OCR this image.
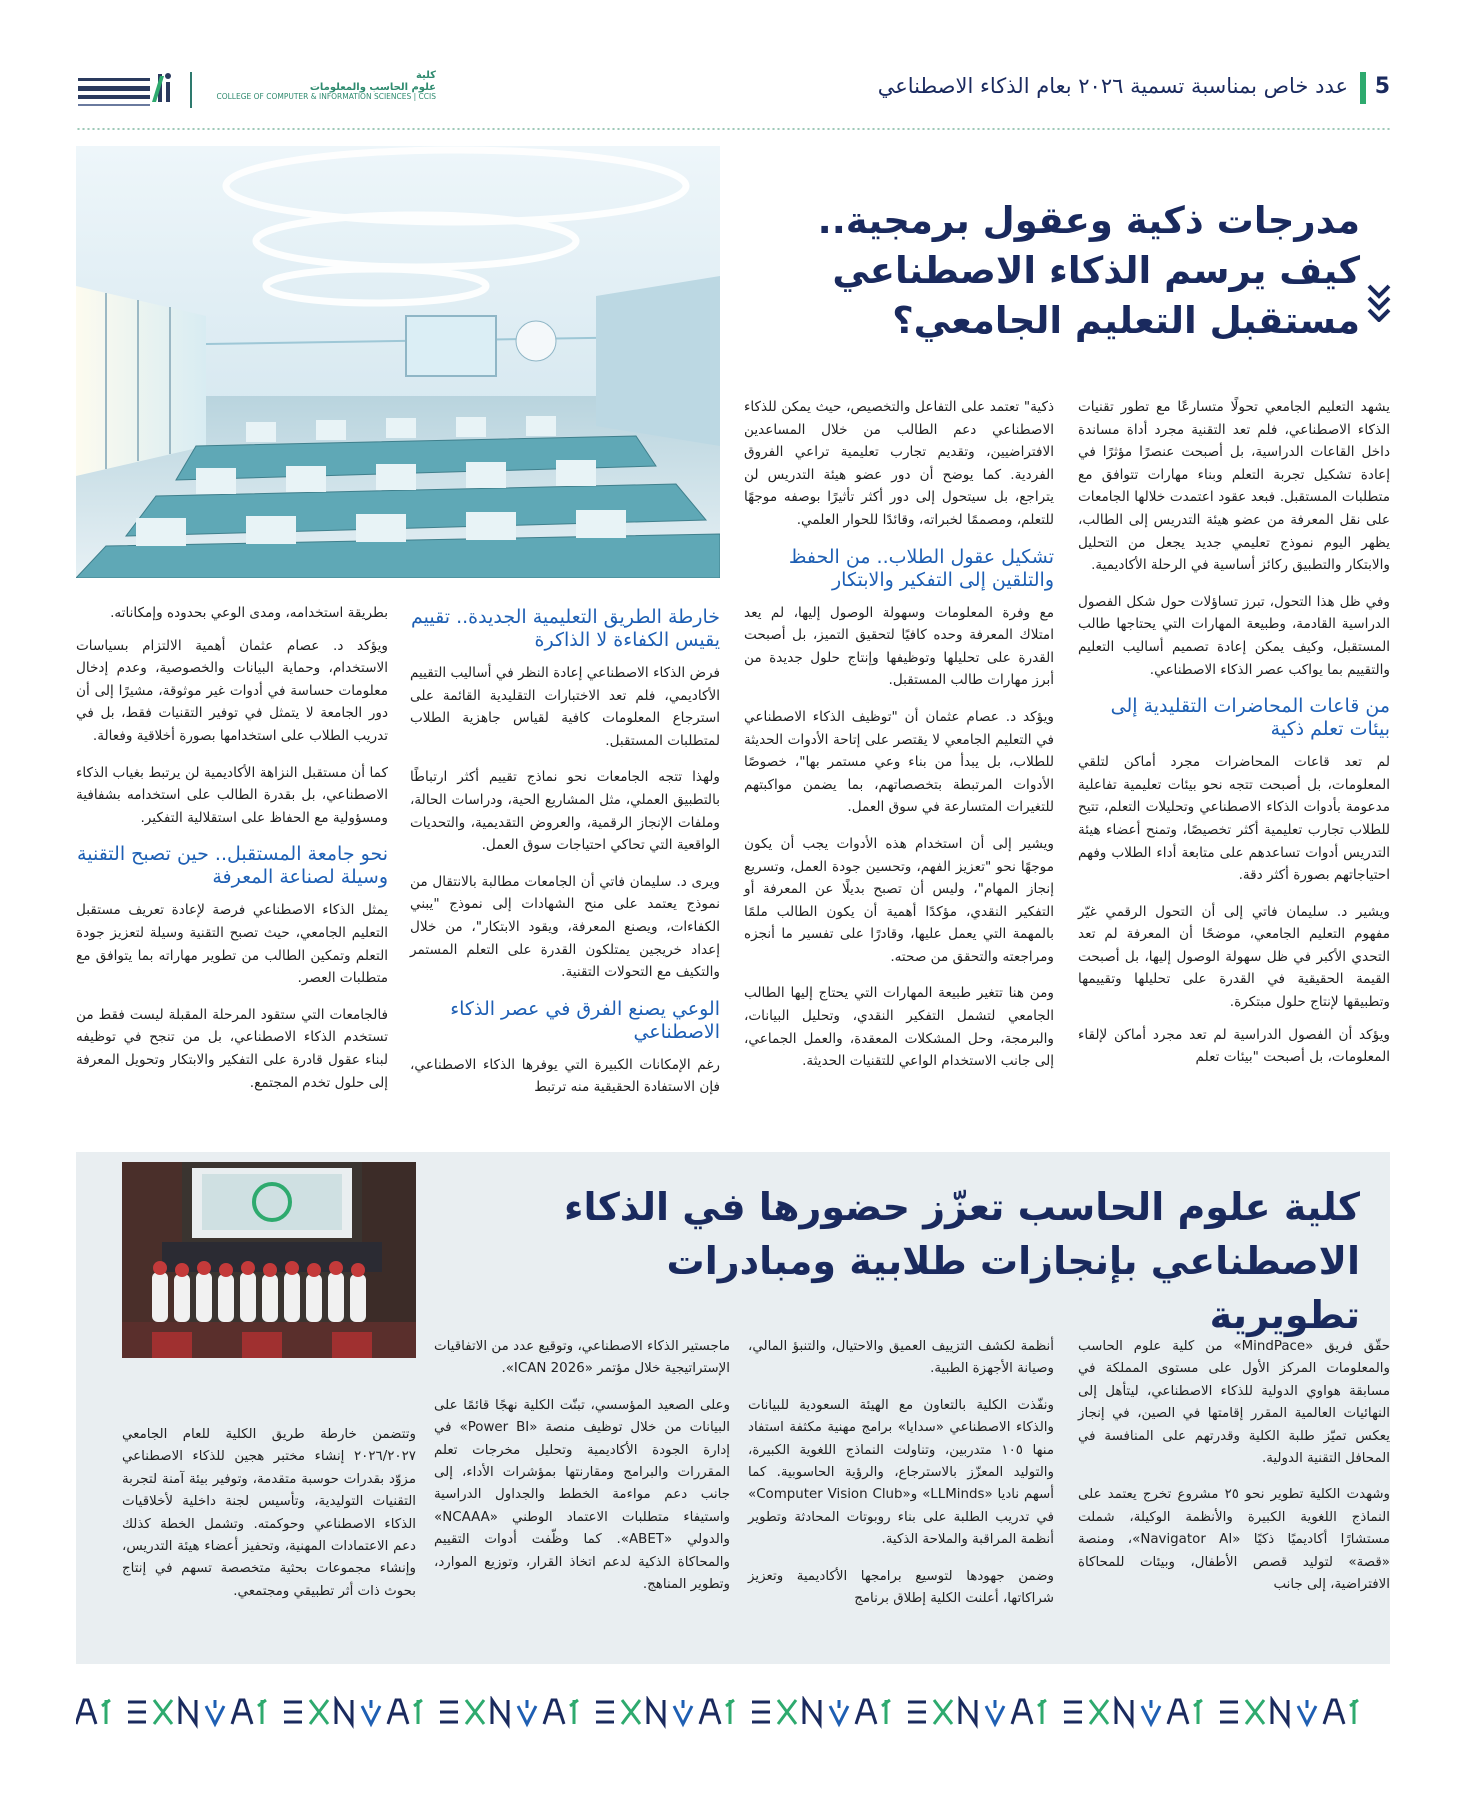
5
عدد خاص بمناسبة تسمية ٢٠٢٦ بعام الذكاء الاصطناعي
كلية
علوم الحاسب والمعلومات
COLLEGE OF COMPUTER & INFORMATION SCIENCES | CCIS
مدرجات ذكية وعقول برمجية.. كيف يرسم الذكاء الاصطناعي مستقبل التعليم الجامعي؟

يشهد التعليم الجامعي تحولًا متسارعًا مع تطور تقنيات الذكاء الاصطناعي، فلم تعد التقنية مجرد أداة مساندة داخل القاعات الدراسية، بل أصبحت عنصرًا مؤثرًا في إعادة تشكيل تجربة التعلم وبناء مهارات تتوافق مع متطلبات المستقبل. فبعد عقود اعتمدت خلالها الجامعات على نقل المعرفة من عضو هيئة التدريس إلى الطالب، يظهر اليوم نموذج تعليمي جديد يجعل من التحليل والابتكار والتطبيق ركائز أساسية في الرحلة الأكاديمية.

وفي ظل هذا التحول، تبرز تساؤلات حول شكل الفصول الدراسية القادمة، وطبيعة المهارات التي يحتاجها طالب المستقبل، وكيف يمكن إعادة تصميم أساليب التعليم والتقييم بما يواكب عصر الذكاء الاصطناعي.

من قاعات المحاضرات التقليدية إلى بيئات تعلم ذكية

لم تعد قاعات المحاضرات مجرد أماكن لتلقي المعلومات، بل أصبحت تتجه نحو بيئات تعليمية تفاعلية مدعومة بأدوات الذكاء الاصطناعي وتحليلات التعلم، تتيح للطلاب تجارب تعليمية أكثر تخصيصًا، وتمنح أعضاء هيئة التدريس أدوات تساعدهم على متابعة أداء الطلاب وفهم احتياجاتهم بصورة أكثر دقة.

ويشير د. سليمان فاتي إلى أن التحول الرقمي غيّر مفهوم التعليم الجامعي، موضحًا أن المعرفة لم تعد التحدي الأكبر في ظل سهولة الوصول إليها، بل أصبحت القيمة الحقيقية في القدرة على تحليلها وتقييمها وتطبيقها لإنتاج حلول مبتكرة.

ويؤكد أن الفصول الدراسية لم تعد مجرد أماكن لإلقاء المعلومات، بل أصبحت "بيئات تعلم

ذكية" تعتمد على التفاعل والتخصيص، حيث يمكن للذكاء الاصطناعي دعم الطالب من خلال المساعدين الافتراضيين، وتقديم تجارب تعليمية تراعي الفروق الفردية. كما يوضح أن دور عضو هيئة التدريس لن يتراجع، بل سيتحول إلى دور أكثر تأثيرًا بوصفه موجهًا للتعلم، ومصممًا لخبراته، وقائدًا للحوار العلمي.

تشكيل عقول الطلاب.. من الحفظ والتلقين إلى التفكير والابتكار

مع وفرة المعلومات وسهولة الوصول إليها، لم يعد امتلاك المعرفة وحده كافيًا لتحقيق التميز، بل أصبحت القدرة على تحليلها وتوظيفها وإنتاج حلول جديدة من أبرز مهارات طالب المستقبل.

ويؤكد د. عصام عثمان أن "توظيف الذكاء الاصطناعي في التعليم الجامعي لا يقتصر على إتاحة الأدوات الحديثة للطلاب، بل يبدأ من بناء وعي مستمر بها"، خصوصًا الأدوات المرتبطة بتخصصاتهم، بما يضمن مواكبتهم للتغيرات المتسارعة في سوق العمل.

ويشير إلى أن استخدام هذه الأدوات يجب أن يكون موجهًا نحو "تعزيز الفهم، وتحسين جودة العمل، وتسريع إنجاز المهام"، وليس أن تصبح بديلًا عن المعرفة أو التفكير النقدي، مؤكدًا أهمية أن يكون الطالب ملمًا بالمهمة التي يعمل عليها، وقادرًا على تفسير ما أنجزه ومراجعته والتحقق من صحته.

ومن هنا تتغير طبيعة المهارات التي يحتاج إليها الطالب الجامعي لتشمل التفكير النقدي، وتحليل البيانات، والبرمجة، وحل المشكلات المعقدة، والعمل الجماعي، إلى جانب الاستخدام الواعي للتقنيات الحديثة.

خارطة الطريق التعليمية الجديدة.. تقييم يقيس الكفاءة لا الذاكرة

فرض الذكاء الاصطناعي إعادة النظر في أساليب التقييم الأكاديمي، فلم تعد الاختبارات التقليدية القائمة على استرجاع المعلومات كافية لقياس جاهزية الطلاب لمتطلبات المستقبل.

ولهذا تتجه الجامعات نحو نماذج تقييم أكثر ارتباطًا بالتطبيق العملي، مثل المشاريع الحية، ودراسات الحالة، وملفات الإنجاز الرقمية، والعروض التقديمية، والتحديات الواقعية التي تحاكي احتياجات سوق العمل.

ويرى د. سليمان فاتي أن الجامعات مطالبة بالانتقال من نموذج يعتمد على منح الشهادات إلى نموذج "يبني الكفاءات، ويصنع المعرفة، ويقود الابتكار"، من خلال إعداد خريجين يمتلكون القدرة على التعلم المستمر والتكيف مع التحولات التقنية.

الوعي يصنع الفرق في عصر الذكاء الاصطناعي

رغم الإمكانات الكبيرة التي يوفرها الذكاء الاصطناعي، فإن الاستفادة الحقيقية منه ترتبط

بطريقة استخدامه، ومدى الوعي بحدوده وإمكاناته.

ويؤكد د. عصام عثمان أهمية الالتزام بسياسات الاستخدام، وحماية البيانات والخصوصية، وعدم إدخال معلومات حساسة في أدوات غير موثوقة، مشيرًا إلى أن دور الجامعة لا يتمثل في توفير التقنيات فقط، بل في تدريب الطلاب على استخدامها بصورة أخلاقية وفعالة.

كما أن مستقبل النزاهة الأكاديمية لن يرتبط بغياب الذكاء الاصطناعي، بل بقدرة الطالب على استخدامه بشفافية ومسؤولية مع الحفاظ على استقلالية التفكير.

نحو جامعة المستقبل.. حين تصبح التقنية وسيلة لصناعة المعرفة

يمثل الذكاء الاصطناعي فرصة لإعادة تعريف مستقبل التعليم الجامعي، حيث تصبح التقنية وسيلة لتعزيز جودة التعلم وتمكين الطالب من تطوير مهاراته بما يتوافق مع متطلبات العصر.

فالجامعات التي ستقود المرحلة المقبلة ليست فقط من تستخدم الذكاء الاصطناعي، بل من تنجح في توظيفه لبناء عقول قادرة على التفكير والابتكار وتحويل المعرفة إلى حلول تخدم المجتمع.

كلية علوم الحاسب تعزّز حضورها في الذكاء الاصطناعي بإنجازات طلابية ومبادرات تطويرية

حقّق فريق «MindPace» من كلية علوم الحاسب والمعلومات المركز الأول على مستوى المملكة في مسابقة هواوي الدولية للذكاء الاصطناعي، ليتأهل إلى النهائيات العالمية المقرر إقامتها في الصين، في إنجاز يعكس تميّز طلبة الكلية وقدرتهم على المنافسة في المحافل التقنية الدولية.

وشهدت الكلية تطوير نحو ٢٥ مشروع تخرج يعتمد على النماذج اللغوية الكبيرة والأنظمة الوكيلة، شملت مستشارًا أكاديميًا ذكيًا «Navigator AI»، ومنصة «قصة» لتوليد قصص الأطفال، وبيئات للمحاكاة الافتراضية، إلى جانب

أنظمة لكشف التزييف العميق والاحتيال، والتنبؤ المالي، وصيانة الأجهزة الطبية.

ونفّذت الكلية بالتعاون مع الهيئة السعودية للبيانات والذكاء الاصطناعي «سدايا» برامج مهنية مكثفة استفاد منها ١٠٥ متدربين، وتناولت النماذج اللغوية الكبيرة، والتوليد المعزّز بالاسترجاع، والرؤية الحاسوبية. كما أسهم ناديا «LLMinds» و«Computer Vision Club» في تدريب الطلبة على بناء روبوتات المحادثة وتطوير أنظمة المراقبة والملاحة الذكية.

وضمن جهودها لتوسيع برامجها الأكاديمية وتعزيز شراكاتها، أعلنت الكلية إطلاق برنامج

ماجستير الذكاء الاصطناعي، وتوقيع عدد من الاتفاقيات الإستراتيجية خلال مؤتمر «ICAN 2026».

وعلى الصعيد المؤسسي، تبنّت الكلية نهجًا قائمًا على البيانات من خلال توظيف منصة «Power BI» في إدارة الجودة الأكاديمية وتحليل مخرجات تعلم المقررات والبرامج ومقارنتها بمؤشرات الأداء، إلى جانب دعم مواءمة الخطط والجداول الدراسية واستيفاء متطلبات الاعتماد الوطني «NCAAA» والدولي «ABET». كما وظّفت أدوات التقييم والمحاكاة الذكية لدعم اتخاذ القرار، وتوزيع الموارد، وتطوير المناهج.

وتتضمن خارطة طريق الكلية للعام الجامعي ٢٠٢٦/٢٠٢٧ إنشاء مختبر هجين للذكاء الاصطناعي مزوّد بقدرات حوسبة متقدمة، وتوفير بيئة آمنة لتجربة التقنيات التوليدية، وتأسيس لجنة داخلية لأخلاقيات الذكاء الاصطناعي وحوكمته. وتشمل الخطة كذلك دعم الاعتمادات المهنية، وتحفيز أعضاء هيئة التدريس، وإنشاء مجموعات بحثية متخصصة تسهم في إنتاج بحوث ذات أثر تطبيقي ومجتمعي.
